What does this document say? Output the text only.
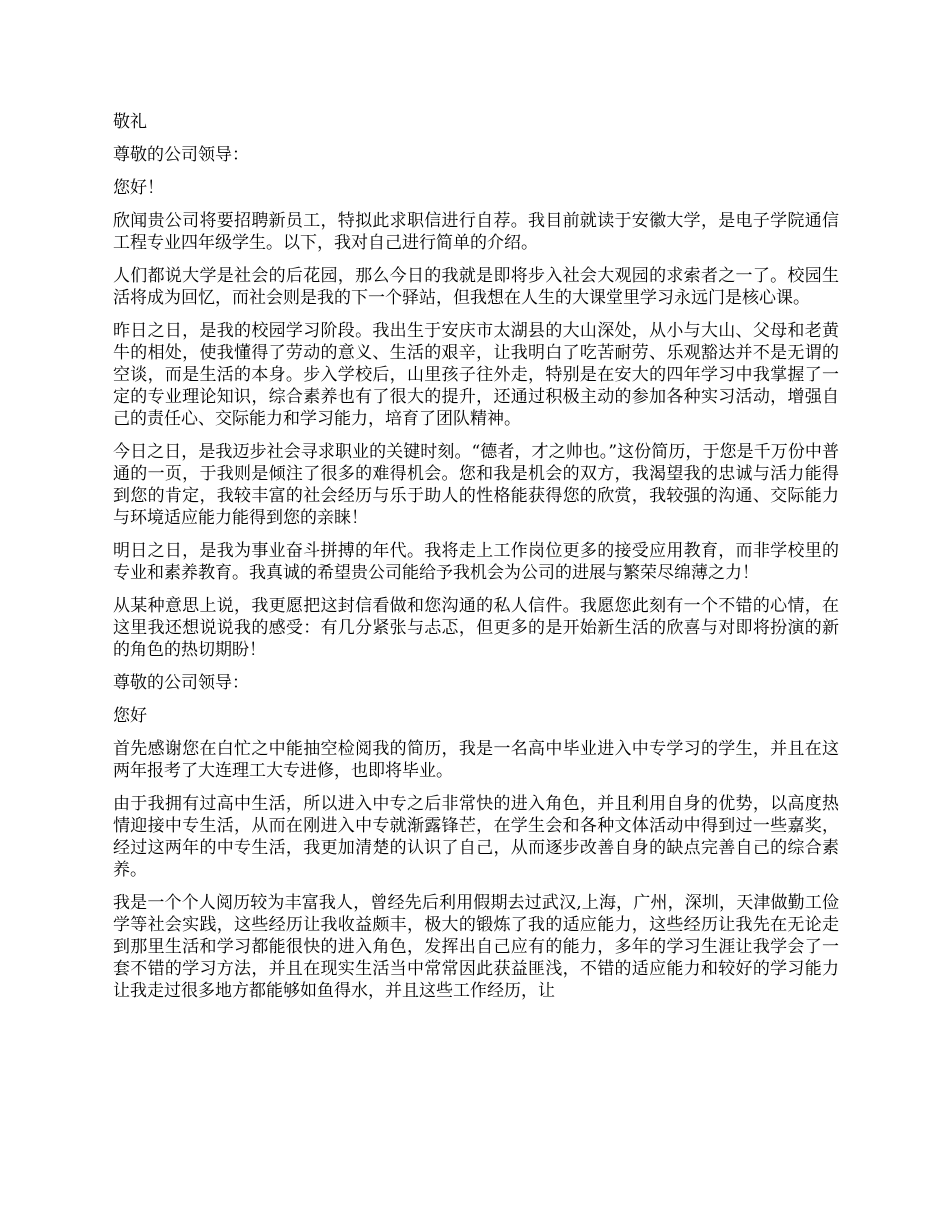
敬礼

尊敬的公司领导：

您好！

欣闻贵公司将要招聘新员工，特拟此求职信进行自荐。我目前就读于安徽大学，是电子学院通信工程专业四年级学生。以下，我对自己进行简单的介绍。

人们都说大学是社会的后花园，那么今日的我就是即将步入社会大观园的求索者之一了。校园生活将成为回忆，而社会则是我的下一个驿站，但我想在人生的大课堂里学习永远门是核心课。

昨日之日，是我的校园学习阶段。我出生于安庆市太湖县的大山深处，从小与大山、父母和老黄牛的相处，使我懂得了劳动的意义、生活的艰辛，让我明白了吃苦耐劳、乐观豁达并不是无谓的空谈，而是生活的本身。步入学校后，山里孩子往外走，特别是在安大的四年学习中我掌握了一定的专业理论知识，综合素养也有了很大的提升，还通过积极主动的参加各种实习活动，增强自己的责任心、交际能力和学习能力，培育了团队精神。

今日之日，是我迈步社会寻求职业的关键时刻。“德者，才之帅也。”这份简历，于您是千万份中普通的一页，于我则是倾注了很多的难得机会。您和我是机会的双方，我渴望我的忠诚与活力能得到您的肯定，我较丰富的社会经历与乐于助人的性格能获得您的欣赏，我较强的沟通、交际能力与环境适应能力能得到您的亲睐！

明日之日，是我为事业奋斗拼搏的年代。我将走上工作岗位更多的接受应用教育，而非学校里的专业和素养教育。我真诚的希望贵公司能给予我机会为公司的进展与繁荣尽绵薄之力！

从某种意思上说，我更愿把这封信看做和您沟通的私人信件。我愿您此刻有一个不错的心情，在这里我还想说说我的感受：有几分紧张与忐忑，但更多的是开始新生活的欣喜与对即将扮演的新的角色的热切期盼！

尊敬的公司领导：

您好

首先感谢您在白忙之中能抽空检阅我的简历，我是一名高中毕业进入中专学习的学生，并且在这两年报考了大连理工大专进修，也即将毕业。

由于我拥有过高中生活，所以进入中专之后非常快的进入角色，并且利用自身的优势，以高度热情迎接中专生活，从而在刚进入中专就渐露锋芒，在学生会和各种文体活动中得到过一些嘉奖，经过这两年的中专生活，我更加清楚的认识了自己，从而逐步改善自身的缺点完善自己的综合素养。

我是一个个人阅历较为丰富我人，曾经先后利用假期去过武汉,上海，广州，深圳，天津做勤工俭学等社会实践，这些经历让我收益颇丰，极大的锻炼了我的适应能力，这些经历让我先在无论走到那里生活和学习都能很快的进入角色，发挥出自己应有的能力，多年的学习生涯让我学会了一套不错的学习方法，并且在现实生活当中常常因此获益匪浅，不错的适应能力和较好的学习能力让我走过很多地方都能够如鱼得水，并且这些工作经历，让
